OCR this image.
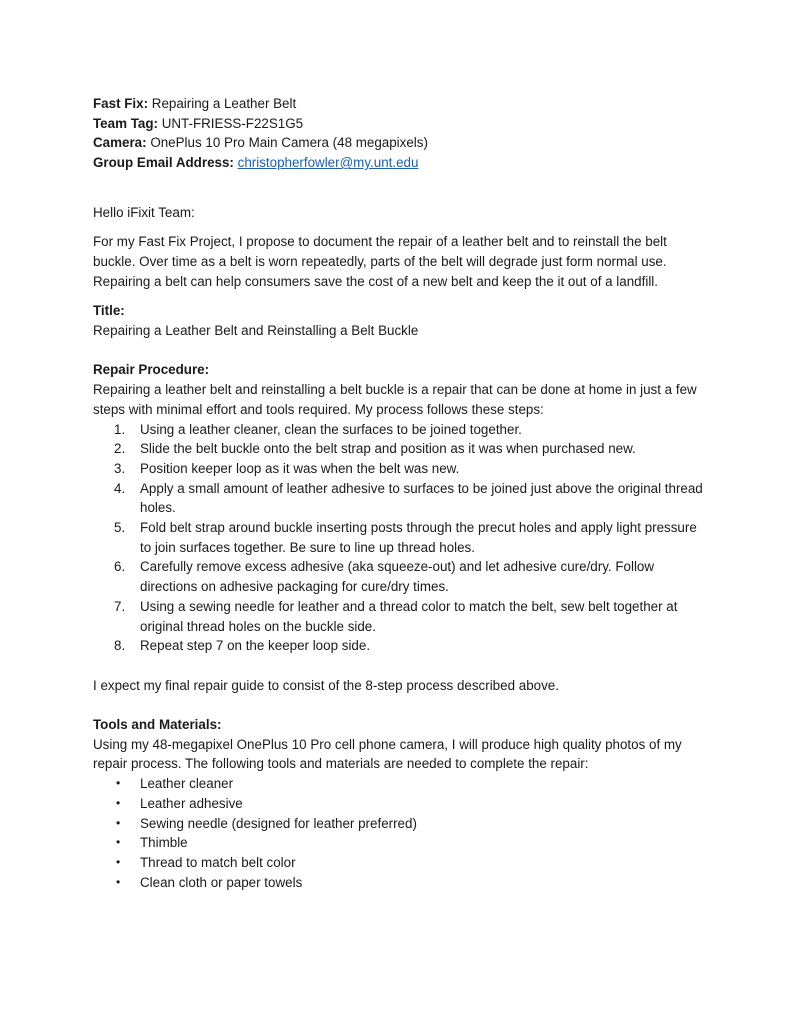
Fast Fix: Repairing a Leather Belt

Team Tag: UNT-FRIESS-F22S1G5

Camera: OnePlus 10 Pro Main Camera (48 megapixels)

Group Email Address: christopherfowler@my.unt.edu

Hello iFixit Team:

For my Fast Fix Project, I propose to document the repair of a leather belt and to reinstall the belt buckle. Over time as a belt is worn repeatedly, parts of the belt will degrade just form normal use. Repairing a belt can help consumers save the cost of a new belt and keep the it out of a landfill.

Title:

Repairing a Leather Belt and Reinstalling a Belt Buckle

Repair Procedure:

Repairing a leather belt and reinstalling a belt buckle is a repair that can be done at home in just a few steps with minimal effort and tools required. My process follows these steps:

1. Using a leather cleaner, clean the surfaces to be joined together.
2. Slide the belt buckle onto the belt strap and position as it was when purchased new.
3. Position keeper loop as it was when the belt was new.
4. Apply a small amount of leather adhesive to surfaces to be joined just above the original thread holes.
5. Fold belt strap around buckle inserting posts through the precut holes and apply light pressure to join surfaces together. Be sure to line up thread holes.
6. Carefully remove excess adhesive (aka squeeze-out) and let adhesive cure/dry. Follow directions on adhesive packaging for cure/dry times.
7. Using a sewing needle for leather and a thread color to match the belt, sew belt together at original thread holes on the buckle side.
8. Repeat step 7 on the keeper loop side.

I expect my final repair guide to consist of the 8-step process described above.

Tools and Materials:

Using my 48-megapixel OnePlus 10 Pro cell phone camera, I will produce high quality photos of my repair process. The following tools and materials are needed to complete the repair:

• Leather cleaner
• Leather adhesive
• Sewing needle (designed for leather preferred)
• Thimble
• Thread to match belt color
• Clean cloth or paper towels
